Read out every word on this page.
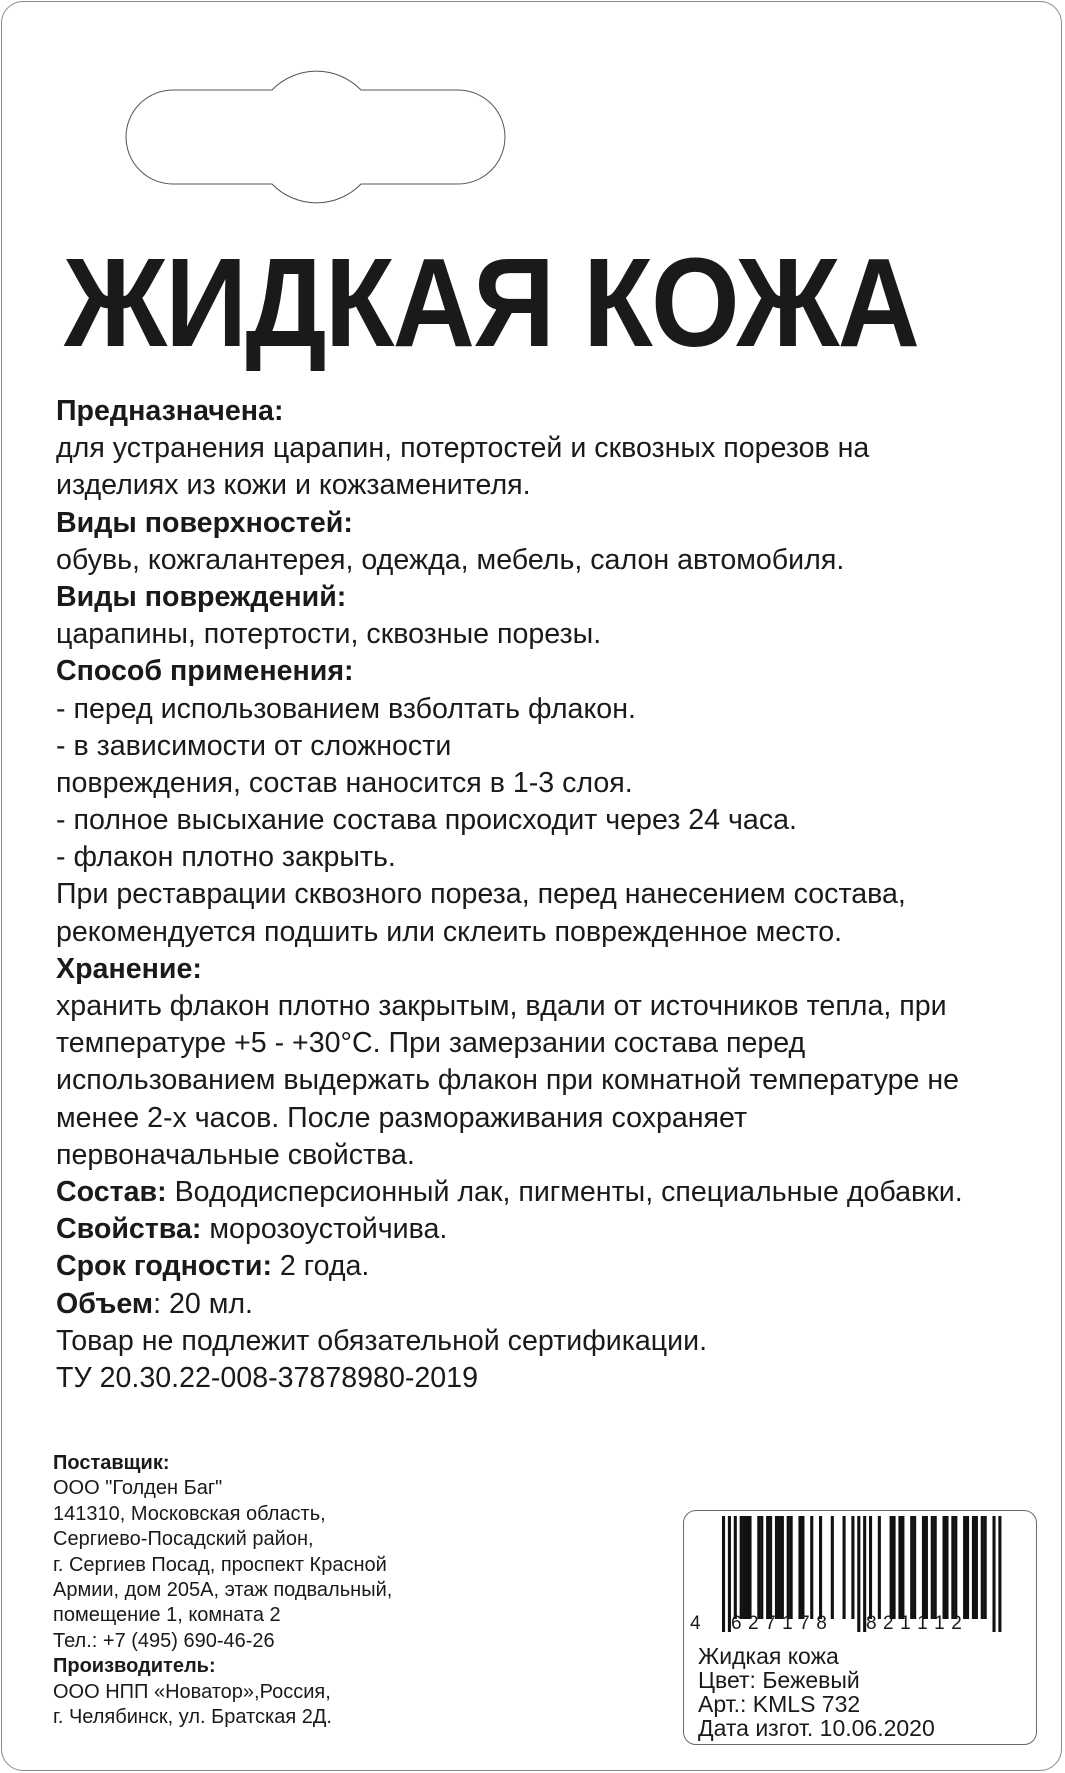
ЖИДКАЯ КОЖА
Предназначена:
для устранения царапин, потертостей и сквозных порезов на
изделиях из кожи и кожзаменителя.
Виды поверхностей:
обувь, кожгалантерея, одежда, мебель, салон автомобиля.
Виды повреждений:
царапины, потертости, сквозные порезы.
Способ применения:
- перед использованием взболтать флакон.
- в зависимости от сложности
повреждения, состав наносится в 1-3 слоя.
- полное высыхание состава происходит через 24 часа.
- флакон плотно закрыть.
При реставрации сквозного пореза, перед нанесением состава,
рекомендуется подшить или склеить поврежденное место.
Хранение:
хранить флакон плотно закрытым, вдали от источников тепла, при
температуре +5 - +30°С. При замерзании состава перед
использованием выдержать флакон при комнатной температуре не
менее 2-х часов. После размораживания сохраняет
первоначальные свойства.
Состав: Вододисперсионный лак, пигменты, специальные добавки.
Свойства: морозоустойчива.
Срок годности: 2 года.
Объем: 20 мл.
Товар не подлежит обязательной сертификации.
ТУ 20.30.22-008-37878980-2019
Поставщик:
ООО "Голден Баг"
141310, Московская область,
Сергиево-Посадский район,
г. Сергиев Посад, проспект Красной
Армии, дом 205А, этаж подвальный,
помещение 1, комната 2
Тел.: +7 (495) 690-46-26
Производитель:
ООО НПП «Новатор»,Россия,
г. Челябинск, ул. Братская 2Д.
4 6 2 7 1 7 8 8 2 1 1 1 2
Жидкая кожа
Цвет: Бежевый
Арт.: KMLS 732
Дата изгот. 10.06.2020
